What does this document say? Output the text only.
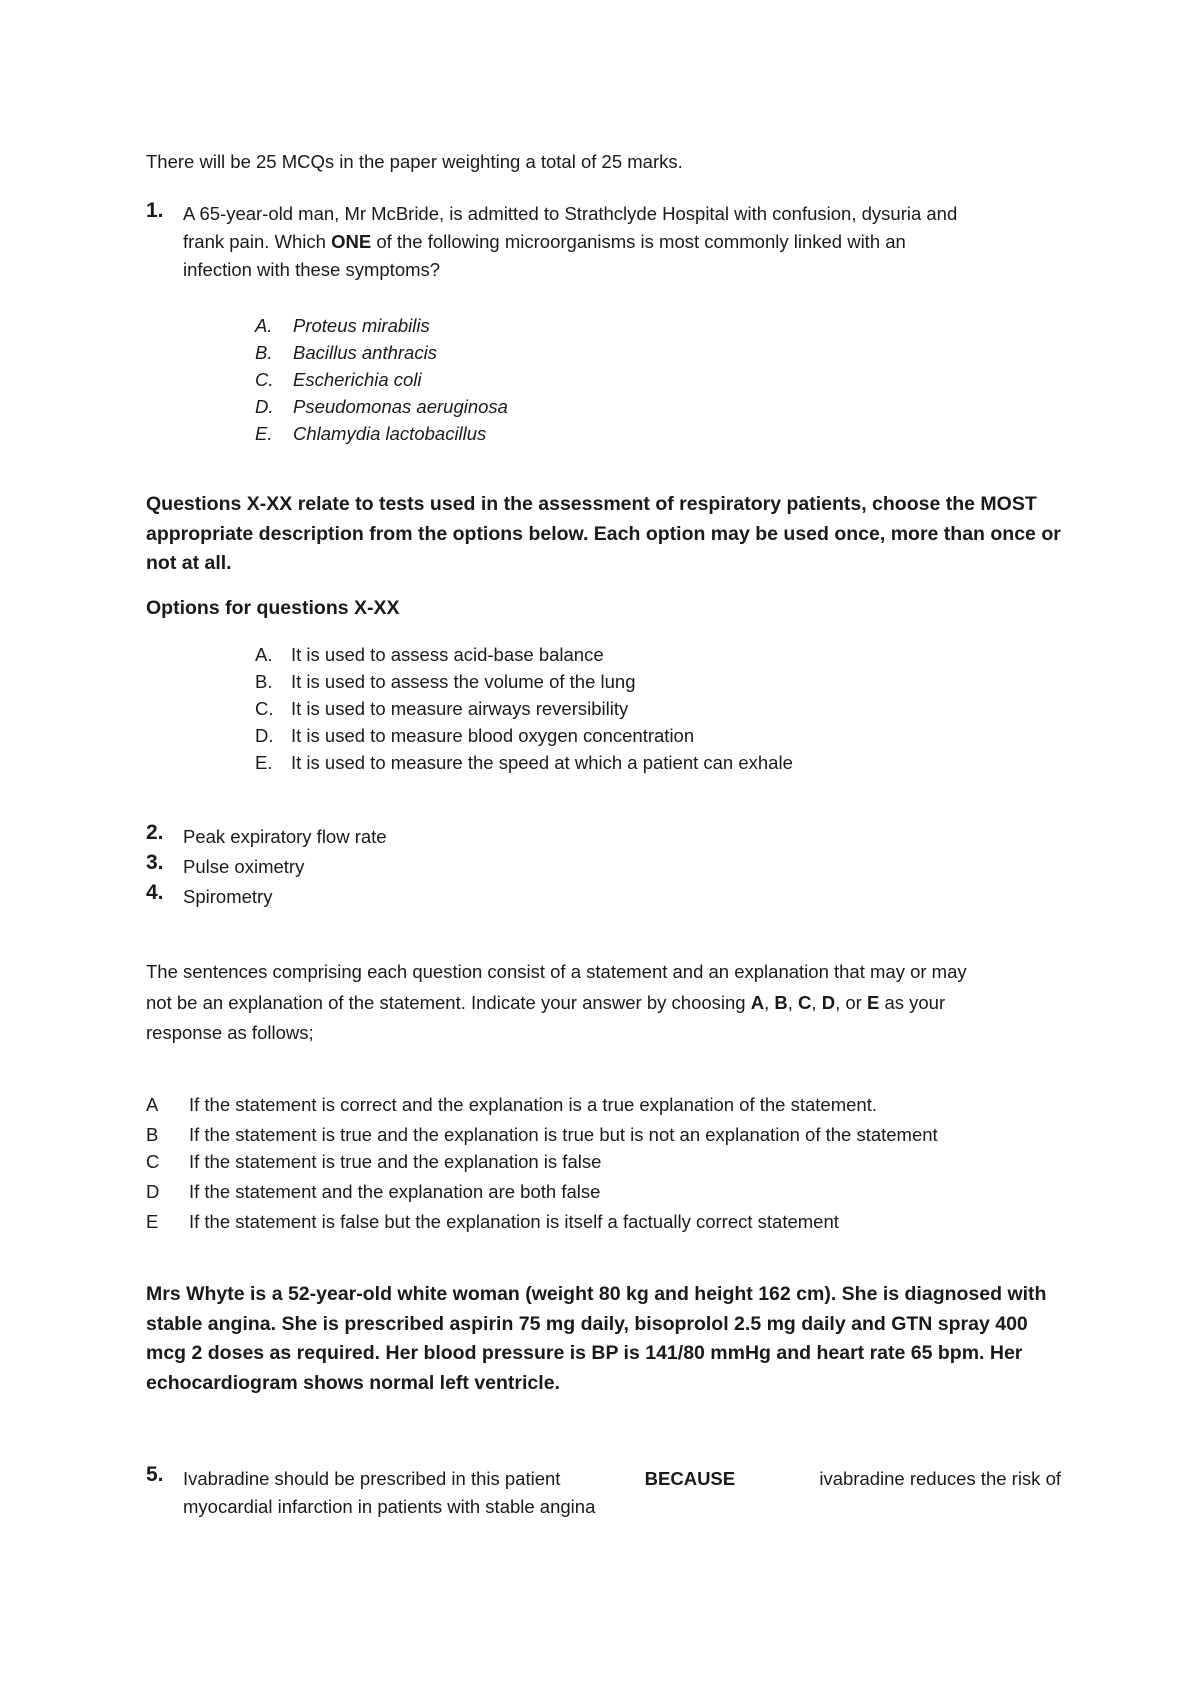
There will be 25 MCQs in the paper weighting a total of 25 marks.
1. A 65-year-old man, Mr McBride, is admitted to Strathclyde Hospital with confusion, dysuria and
frank pain. Which ONE of the following microorganisms is most commonly linked with an
infection with these symptoms?
A. Proteus mirabilis
B. Bacillus anthracis
C. Escherichia coli
D. Pseudomonas aeruginosa
E. Chlamydia lactobacillus
Questions X-XX relate to tests used in the assessment of respiratory patients, choose the MOST appropriate description from the options below. Each option may be used once, more than once or not at all.
Options for questions X-XX
A. It is used to assess acid-base balance
B. It is used to assess the volume of the lung
C. It is used to measure airways reversibility
D. It is used to measure blood oxygen concentration
E. It is used to measure the speed at which a patient can exhale
2. Peak expiratory flow rate
3. Pulse oximetry
4. Spirometry
The sentences comprising each question consist of a statement and an explanation that may or may
not be an explanation of the statement. Indicate your answer by choosing A, B, C, D, or E as your
response as follows;
A If the statement is correct and the explanation is a true explanation of the statement.
B If the statement is true and the explanation is true but is not an explanation of the statement
C If the statement is true and the explanation is false
D If the statement and the explanation are both false
E If the statement is false but the explanation is itself a factually correct statement
Mrs Whyte is a 52-year-old white woman (weight 80 kg and height 162 cm). She is diagnosed with stable angina. She is prescribed aspirin 75 mg daily, bisoprolol 2.5 mg daily and GTN spray 400 mcg 2 doses as required. Her blood pressure is BP is 141/80 mmHg and heart rate 65 bpm. Her echocardiogram shows normal left ventricle.
5. Ivabradine should be prescribed in this patient	BECAUSE	ivabradine reduces the risk of
myocardial infarction in patients with stable angina
